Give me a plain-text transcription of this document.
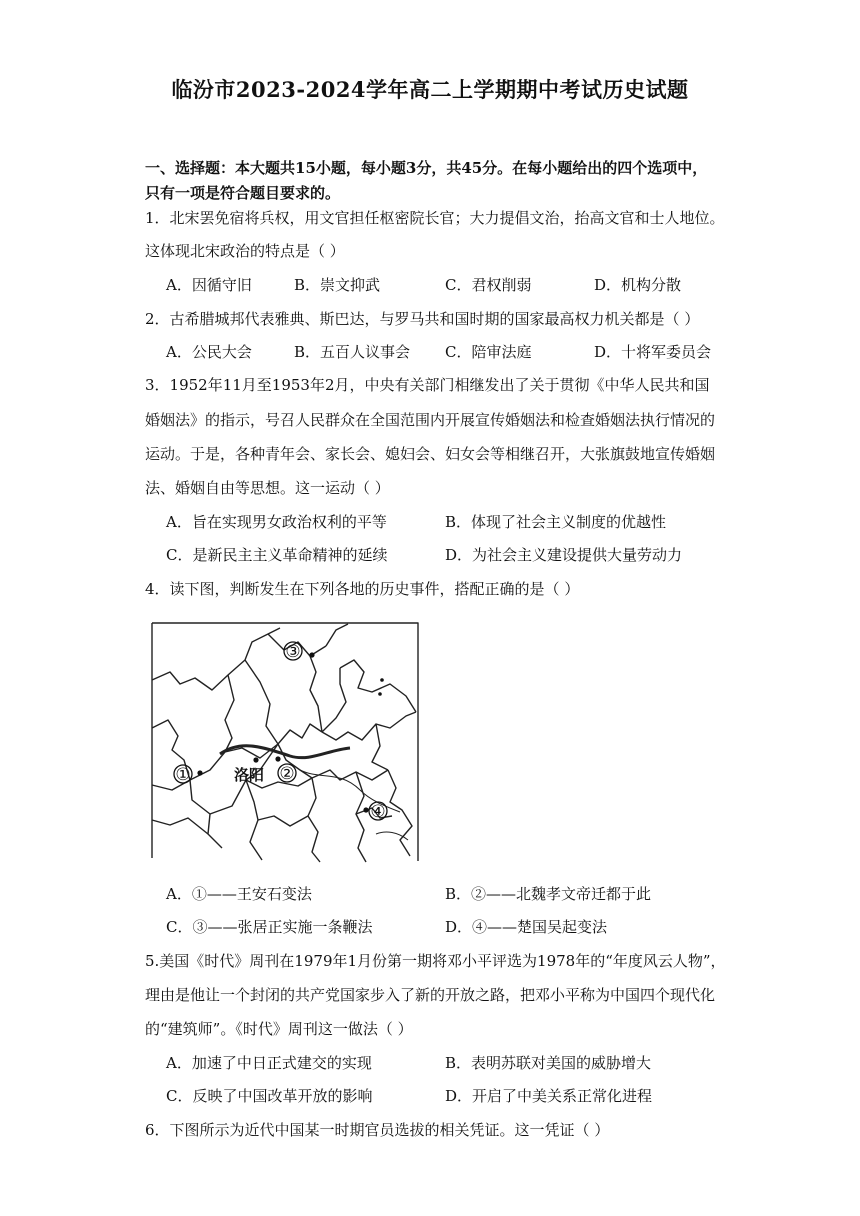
临汾市2023-2024学年高二上学期期中考试历史试题
一、选择题：本大题共15小题，每小题3分，共45分。在每小题给出的四个选项中，
只有一项是符合题目要求的。
1．北宋罢免宿将兵权，用文官担任枢密院长官；大力提倡文治，抬高文官和士人地位。
这体现北宋政治的特点是（ ）
A．因循守旧	B．崇文抑武	C．君权削弱	D．机构分散
2．古希腊城邦代表雅典、斯巴达，与罗马共和国时期的国家最高权力机关都是（ ）
A．公民大会	B．五百人议事会 C．陪审法庭	D．十将军委员会
3．1952年11月至1953年2月，中央有关部门相继发出了关于贯彻《中华人民共和国
婚姻法》的指示，号召人民群众在全国范围内开展宣传婚姻法和检查婚姻法执行情况的
运动。于是，各种青年会、家长会、媳妇会、妇女会等相继召开，大张旗鼓地宣传婚姻
法、婚姻自由等思想。这一运动（ ）
A．旨在实现男女政治权利的平等	B．体现了社会主义制度的优越性
C．是新民主主义革命精神的延续	D．为社会主义建设提供大量劳动力
4．读下图，判断发生在下列各地的历史事件，搭配正确的是（ ）
③
①	洛阳 ②
④
A．①——王安石变法	B．②——北魏孝文帝迁都于此
C．③——张居正实施一条鞭法	D．④——楚国吴起变法
5.美国《时代》周刊在1979年1月份第一期将邓小平评选为1978年的“年度风云人物”，
理由是他让一个封闭的共产党国家步入了新的开放之路，把邓小平称为中国四个现代化
的“建筑师”。《时代》周刊这一做法（ ）
A．加速了中日正式建交的实现	B．表明苏联对美国的威胁增大
C．反映了中国改革开放的影响	D．开启了中美关系正常化进程
6．下图所示为近代中国某一时期官员选拔的相关凭证。这一凭证（ ）
